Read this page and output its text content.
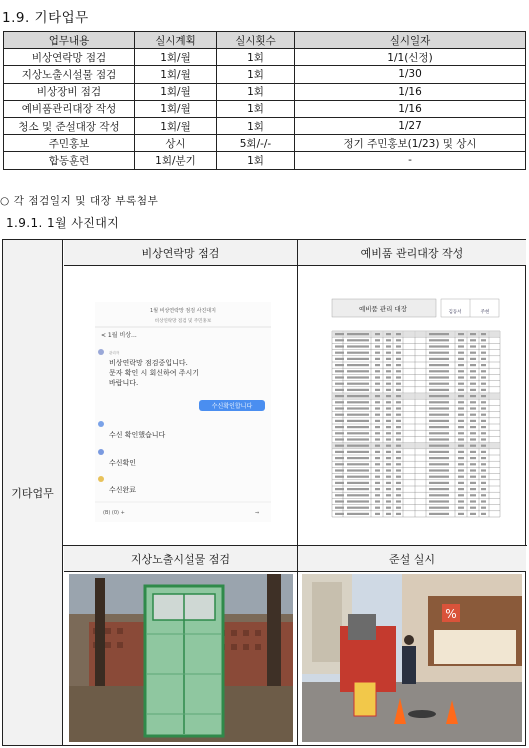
1.9. 기타업무
업무내용	실시계획	실시횟수	실시일자
비상연락망 점검	1회/월	1회	1/1(신정)
지상노출시설물 점검	1회/월	1회	1/30
비상장비 점검	1회/월	1회	1/16
예비품관리대장 작성	1회/월	1회	1/16
청소 및 준설대장 작성	1회/월	1회	1/27
주민홍보	상시	5회/-/-	정기 주민홍보(1/23) 및 상시
합동훈련	1회/분기	1회	-
○ 각 점검일지 및 대장 부록첨부
1.9.1. 1월 사진대지
기타업무
비상연락망 점검	예비품 관리대장 작성
지상노출시설물 점검	준설 실시
1월 비상연락망 점검 사진대지
비상연락망 점검 및 주민홍보
< 1월 비상...
관리자
비상연락망 점검중입니다.
문자 확인 시 회신하여 주시기
바랍니다.
수신확인합니다
수신 확인했습니다
수신확인
수신완료
(B) (0) +	⇒
예비품 관리 대장	김동서	주현
%
